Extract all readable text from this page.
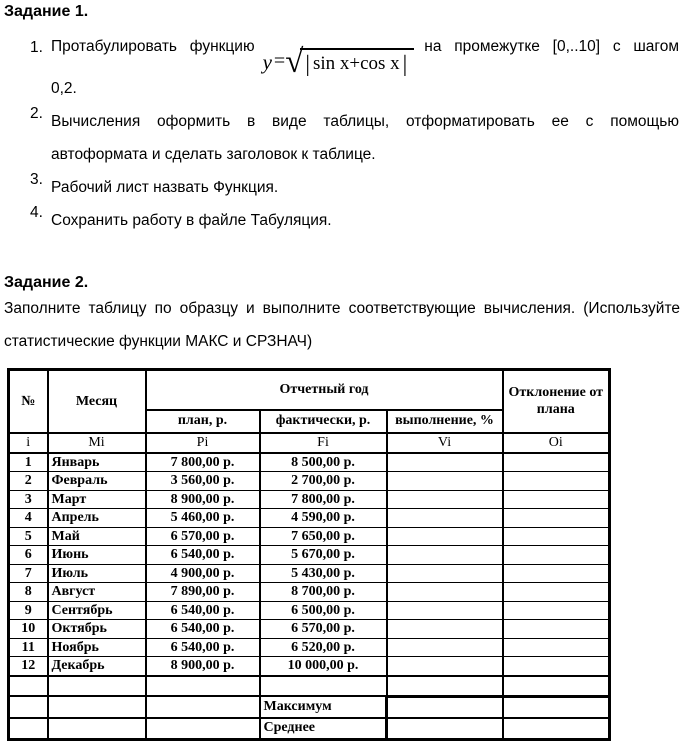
Задание 1.
1. Протабулировать функцию
y = √ | sin x+cos x |
на промежутке [0,..10] с шагом
0,2.
2. Вычисления оформить в виде таблицы, отформатировать ее с помощью
автоформата и сделать заголовок к таблице.
3. Рабочий лист назвать Функция.
4. Сохранить работу в файле Табуляция.
Задание 2.
Заполните таблицу по образцу и выполните соответствующие вычисления. (Используйте
статистические функции МАКС и СРЗНАЧ)
№	Месяц	Отчетный год			Отклонение от плана
		план, р.	фактически, р.	выполнение, %	
i	Mi	Pi	Fi	Vi	Oi
1	Январь	7 800,00 р.	8 500,00 р.		
2	Февраль	3 560,00 р.	2 700,00 р.		
3	Март	8 900,00 р.	7 800,00 р.		
4	Апрель	5 460,00 р.	4 590,00 р.		
5	Май	6 570,00 р.	7 650,00 р.		
6	Июнь	6 540,00 р.	5 670,00 р.		
7	Июль	4 900,00 р.	5 430,00 р.		
8	Август	7 890,00 р.	8 700,00 р.		
9	Сентябрь	6 540,00 р.	6 500,00 р.		
10	Октябрь	6 540,00 р.	6 570,00 р.		
11	Ноябрь	6 540,00 р.	6 520,00 р.		
12	Декабрь	8 900,00 р.	10 000,00 р.		

			Максимум		
			Среднее		
